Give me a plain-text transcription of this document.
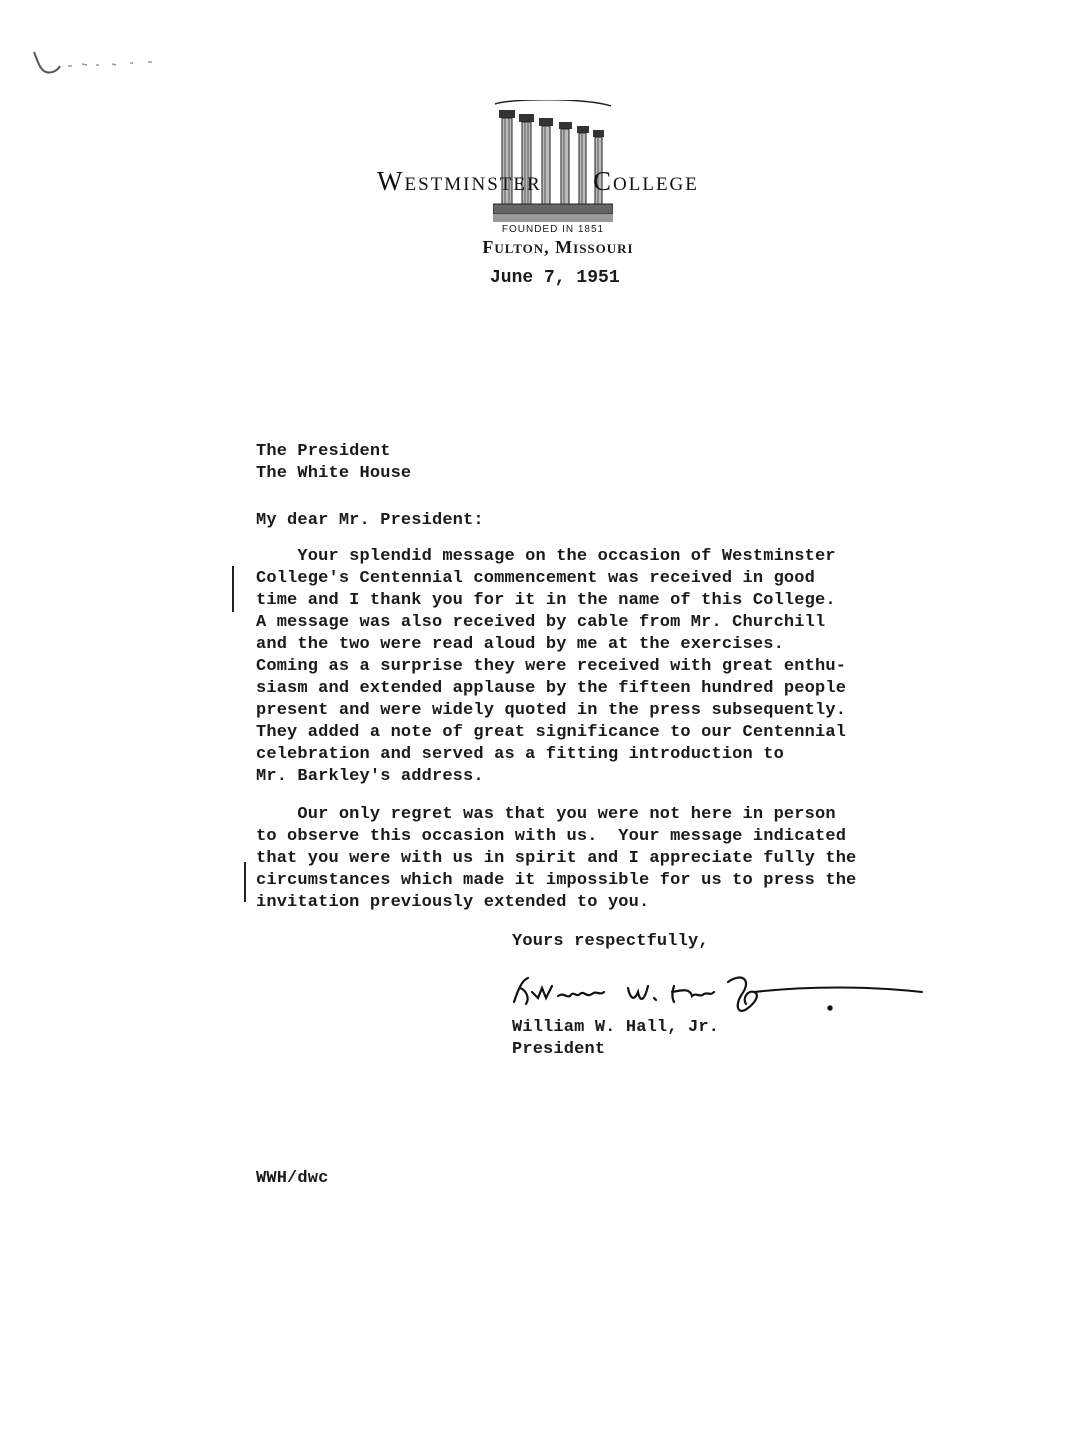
Westminster College
FOUNDED IN 1851
Fulton, Missouri
June 7, 1951
The President
The White House
My dear Mr. President:
Your splendid message on the occasion of Westminster
College's Centennial commencement was received in good
time and I thank you for it in the name of this College.
A message was also received by cable from Mr. Churchill
and the two were read aloud by me at the exercises.
Coming as a surprise they were received with great enthu-
siasm and extended applause by the fifteen hundred people
present and were widely quoted in the press subsequently.
They added a note of great significance to our Centennial
celebration and served as a fitting introduction to
Mr. Barkley's address.
Our only regret was that you were not here in person
to observe this occasion with us.  Your message indicated
that you were with us in spirit and I appreciate fully the
circumstances which made it impossible for us to press the
invitation previously extended to you.
Yours respectfully,
William W. Hall, Jr.
President
WWH/dwc
